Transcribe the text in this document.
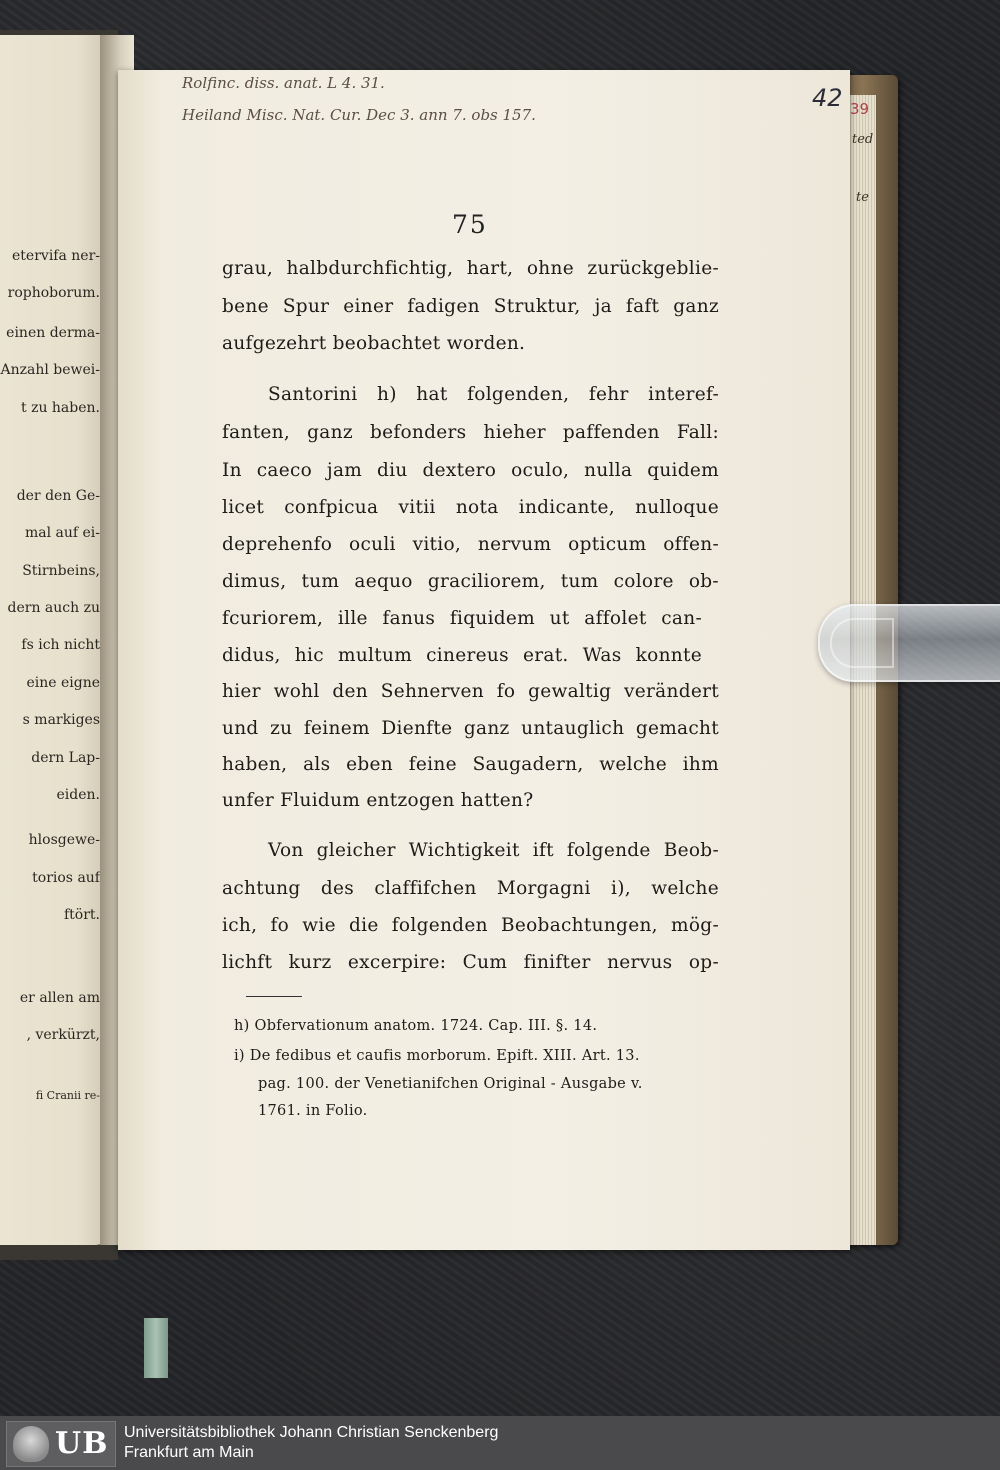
etervifa ner-
rophoborum.
einen derma-
Anzahl bewei-
t zu haben.
der den Ge-
mal auf ei-
Stirnbeins,
dern auch zu
fs ich nicht
eine eigne
s markiges
dern Lap-
eiden.
hlosgewe-
torios auf
ftört.
er allen am
, verkürzt,
fi Cranii re-
39
ted
te
Rolfinc. diss. anat. L 4. 31.
Heiland Misc. Nat. Cur. Dec 3. ann 7. obs 157.
42
75
grau, halbdurchfichtig, hart, ohne zurückgeblie-
bene Spur einer fadigen Struktur, ja faft ganz
aufgezehrt beobachtet worden.
Santorini h) hat folgenden, fehr interef-
fanten, ganz befonders hieher paffenden Fall:
In caeco jam diu dextero oculo, nulla quidem
licet confpicua vitii nota indicante, nulloque
deprehenfo oculi vitio, nervum opticum offen-
dimus, tum aequo graciliorem, tum colore ob-
fcuriorem, ille fanus fiquidem ut affolet can-
didus, hic multum cinereus erat. Was konnte
hier wohl den Sehnerven fo gewaltig verändert
und zu feinem Dienfte ganz untauglich gemacht
haben, als eben feine Saugadern, welche ihm
unfer Fluidum entzogen hatten?
Von gleicher Wichtigkeit ift folgende Beob-
achtung des claffifchen Morgagni i), welche
ich, fo wie die folgenden Beobachtungen, mög-
lichft kurz excerpire: Cum finifter nervus op-
h) Obfervationum anatom. 1724. Cap. III. §. 14.
i) De fedibus et caufis morborum. Epift. XIII. Art. 13.
pag. 100. der Venetianifchen Original - Ausgabe v.
1761. in Folio.
UB Universitätsbibliothek Johann Christian Senckenberg
Frankfurt am Main
